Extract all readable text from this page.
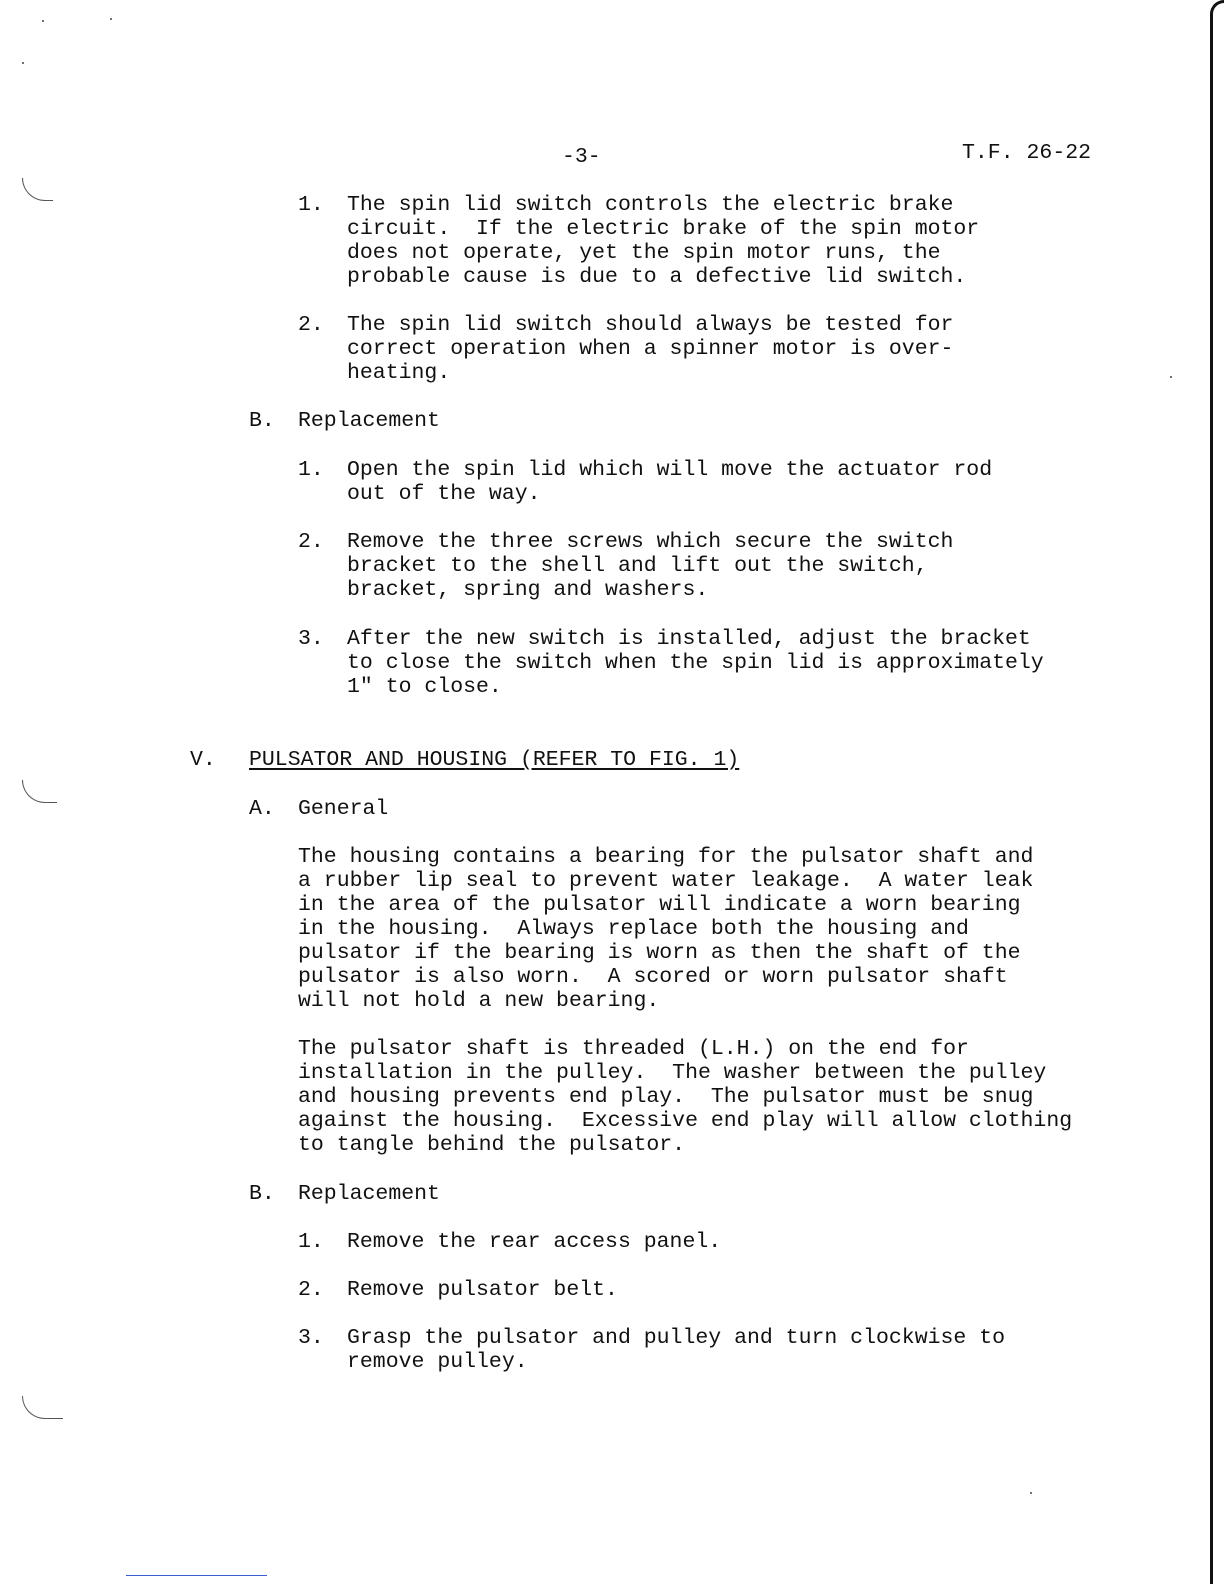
-3-	T.F. 26-22

1. The spin lid switch controls the electric brake

circuit.  If the electric brake of the spin motor

does not operate, yet the spin motor runs, the

probable cause is due to a defective lid switch.

2. The spin lid switch should always be tested for

correct operation when a spinner motor is over-

heating.

B. Replacement

1. Open the spin lid which will move the actuator rod

out of the way.

2. Remove the three screws which secure the switch

bracket to the shell and lift out the switch,

bracket, spring and washers.

3. After the new switch is installed, adjust the bracket

to close the switch when the spin lid is approximately

1" to close.

V. PULSATOR AND HOUSING (REFER TO FIG. 1)

A. General

The housing contains a bearing for the pulsator shaft and

a rubber lip seal to prevent water leakage.  A water leak

in the area of the pulsator will indicate a worn bearing

in the housing.  Always replace both the housing and

pulsator if the bearing is worn as then the shaft of the

pulsator is also worn.  A scored or worn pulsator shaft

will not hold a new bearing.

The pulsator shaft is threaded (L.H.) on the end for

installation in the pulley.  The washer between the pulley

and housing prevents end play.  The pulsator must be snug

against the housing.  Excessive end play will allow clothing

to tangle behind the pulsator.

B. Replacement

1. Remove the rear access panel.

2. Remove pulsator belt.

3. Grasp the pulsator and pulley and turn clockwise to

remove pulley.
